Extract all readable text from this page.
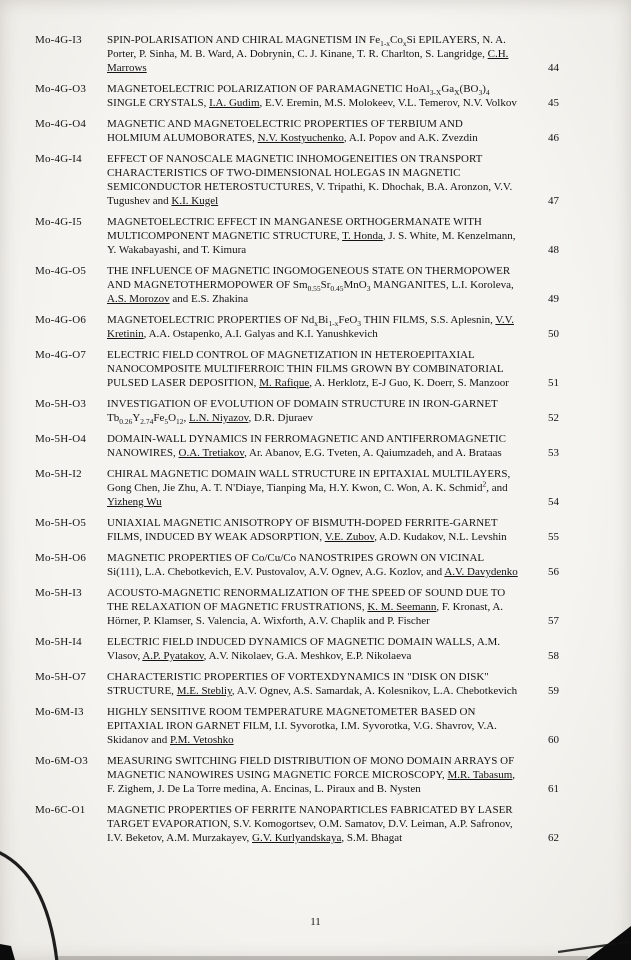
Mo-4G-I3	SPIN-POLARISATION AND CHIRAL MAGNETISM IN $Fe_{1-x}Co_xSi$ EPILAYERS, N. A. Porter, P. Sinha, M. B. Ward, A. Dobrynin, C. J. Kinane, T. R. Charlton, S. Langridge, C.H. Marrows	44
Mo-4G-O3	MAGNETOELECTRIC POLARIZATION OF PARAMAGNETIC $HoAl_{3-X}Ga_X(BO_3)_4$ SINGLE CRYSTALS, I.A. Gudim, E.V. Eremin, M.S. Molokeev, V.L. Temerov, N.V. Volkov	45
Mo-4G-O4	MAGNETIC AND MAGNETOELECTRIC PROPERTIES OF TERBIUM AND HOLMIUM ALUMOBORATES, N.V. Kostyuchenko, A.I. Popov and A.K. Zvezdin	46
Mo-4G-I4	EFFECT OF NANOSCALE MAGNETIC INHOMOGENEITIES ON TRANSPORT CHARACTERISTICS OF TWO-DIMENSIONAL HOLEGAS IN MAGNETIC SEMICONDUCTOR HETEROSTUCTURES, V. Tripathi, K. Dhochak, B.A. Aronzon, V.V. Tugushev and K.I. Kugel	47
Mo-4G-I5	MAGNETOELECTRIC EFFECT IN MANGANESE ORTHOGERMANATE WITH MULTICOMPONENT MAGNETIC STRUCTURE, T. Honda, J. S. White, M. Kenzelmann, Y. Wakabayashi, and T. Kimura	48
Mo-4G-O5	THE INFLUENCE OF MAGNETIC INGOMOGENEOUS STATE ON THERMOPOWER AND MAGNETOTHERMOPOWER OF $Sm_{0.55}Sr_{0.45}MnO_3$ MANGANITES, L.I. Koroleva, A.S. Morozov and E.S. Zhakina	49
Mo-4G-O6	MAGNETOELECTRIC PROPERTIES OF $Nd_xBi_{1-x}FeO_3$ THIN FILMS, S.S. Aplesnin, V.V. Kretinin, A.A. Ostapenko, A.I. Galyas and K.I. Yanushkevich	50
Mo-4G-O7	ELECTRIC FIELD CONTROL OF MAGNETIZATION IN HETEROEPITAXIAL NANOCOMPOSITE MULTIFERROIC THIN FILMS GROWN BY COMBINATORIAL PULSED LASER DEPOSITION, M. Rafique, A. Herklotz, E-J Guo, K. Doerr, S. Manzoor	51
Mo-5H-O3	INVESTIGATION OF EVOLUTION OF DOMAIN STRUCTURE IN IRON-GARNET $Tb_{0.26}Y_{2.74}Fe_5O_{12}$, L.N. Niyazov, D.R. Djuraev	52
Mo-5H-O4	DOMAIN-WALL DYNAMICS IN FERROMAGNETIC AND ANTIFERROMAGNETIC NANOWIRES, O.A. Tretiakov, Ar. Abanov, E.G. Tveten, A. Qaiumzadeh, and A. Brataas	53
Mo-5H-I2	CHIRAL MAGNETIC DOMAIN WALL STRUCTURE IN EPITAXIAL MULTILAYERS, Gong Chen, Jie Zhu, A. T. N'Diaye, Tianping Ma, H.Y. Kwon, C. Won, A. K. Schmid$^2$, and Yizheng Wu	54
Mo-5H-O5	UNIAXIAL MAGNETIC ANISOTROPY OF BISMUTH-DOPED FERRITE-GARNET FILMS, INDUCED BY WEAK ADSORPTION, V.E. Zubov, A.D. Kudakov, N.L. Levshin	55
Mo-5H-O6	MAGNETIC PROPERTIES OF Co/Cu/Co NANOSTRIPES GROWN ON VICINAL Si(111), L.A. Chebotkevich, E.V. Pustovalov, A.V. Ognev, A.G. Kozlov, and A.V. Davydenko	56
Mo-5H-I3	ACOUSTO-MAGNETIC RENORMALIZATION OF THE SPEED OF SOUND DUE TO THE RELAXATION OF MAGNETIC FRUSTRATIONS, K. M. Seemann, F. Kronast, A. Hörner, P. Klamser, S. Valencia, A. Wixforth, A.V. Chaplik and P. Fischer	57
Mo-5H-I4	ELECTRIC FIELD INDUCED DYNAMICS OF MAGNETIC DOMAIN WALLS, A.M. Vlasov, A.P. Pyatakov, A.V. Nikolaev, G.A. Meshkov, E.P. Nikolaeva	58
Mo-5H-O7	CHARACTERISTIC PROPERTIES OF VORTEXDYNAMICS IN "DISK ON DISK" STRUCTURE, M.E. Stebliy, A.V. Ognev, A.S. Samardak, A. Kolesnikov, L.A. Chebotkevich	59
Mo-6M-I3	HIGHLY SENSITIVE ROOM TEMPERATURE MAGNETOMETER BASED ON EPITAXIAL IRON GARNET FILM, I.I. Syvorotka, I.M. Syvorotka, V.G. Shavrov, V.A. Skidanov and P.M. Vetoshko	60
Mo-6M-O3	MEASURING SWITCHING FIELD DISTRIBUTION OF MONO DOMAIN ARRAYS OF MAGNETIC NANOWIRES USING MAGNETIC FORCE MICROSCOPY, M.R. Tabasum, F. Zighem, J. De La Torre medina, A. Encinas, L. Piraux and B. Nysten	61
Mo-6C-O1	MAGNETIC PROPERTIES OF FERRITE NANOPARTICLES FABRICATED BY LASER TARGET EVAPORATION, S.V. Komogortsev, O.M. Samatov, D.V. Leiman, A.P. Safronov, I.V. Beketov, A.M. Murzakayev, G.V. Kurlyandskaya, S.M. Bhagat	62
11
